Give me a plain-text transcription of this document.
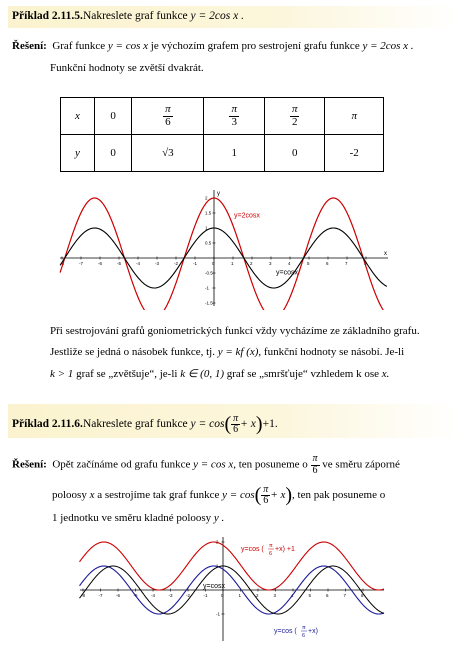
Příklad 2.11.5.Nakreslete graf funkce y = 2cos x .
Řešení: Graf funkce y = cos x je výchozím grafem pro sestrojení grafu funkce y = 2cos x .
Funkční hodnoty se zvětší dvakrát.
x	0	$\frac{\pi}{6}$	$\frac{\pi}{3}$	$\frac{\pi}{2}$	π
y	0	√3	1	0	-2
x
y
-8	-7	-6	-5	-4	-3	-2	-1	0	1	2	3	4	5	6	7	8
2
1.5
1
0.5
-0.5
-1
-1.5
y=2cosx
y=cosx
Při sestrojování grafů goniometrických funkcí vždy vycházíme ze základního grafu.
Jestliže se jedná o násobek funkce, tj. y = kf (x), funkční hodnoty se násobí. Je-li
k > 1 graf se „zvětšuje“, je-li k ∈ (0, 1) graf se „smršťuje“ vzhledem k ose x.
Příklad 2.11.6.Nakreslete graf funkce $y = \cos( \frac{\pi}{6} + x)+1$.
Řešení: Opět začínáme od grafu funkce y = cos x, ten posuneme o $\frac{\pi}{6}$ ve směru záporné
poloosy x a sestrojíme tak graf funkce $y = \cos( \frac{\pi}{6} + x)$, ten pak posuneme o
1 jednotku ve směru kladné poloosy y .
-8	-7	-6	-5	-4	-3	-2	-1	0	1	2	3	4	5	6	7	8
2
1
-1
y=cos ( π
6
+x) +1
y=cosx
y=cos ( π
6
+x)
